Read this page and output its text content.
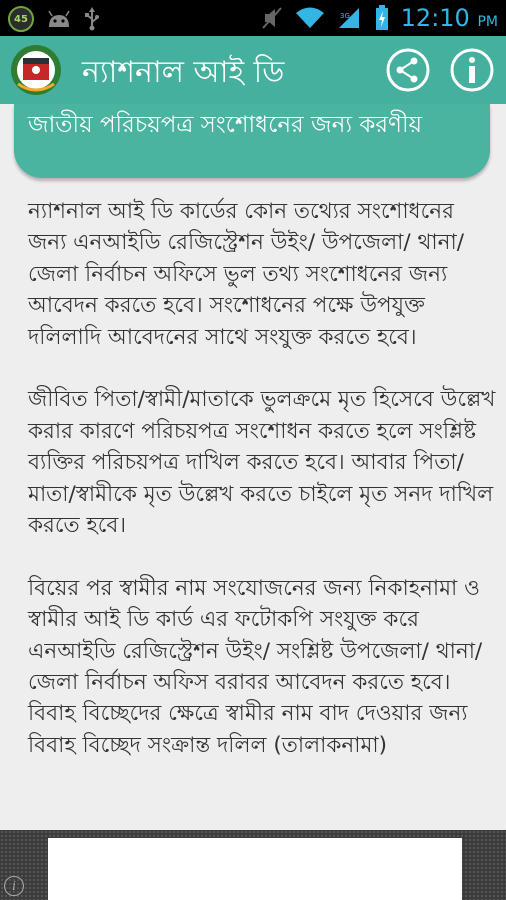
45	3G 12:10 PM
ন্যাশনাল আই ডি
জাতীয় পরিচয়পত্র সংশোধনের জন্য করণীয়

ন্যাশনাল আই ডি কার্ডের কোন তথ্যের সংশোধনের জন্য এনআইডি রেজিস্ট্রেশন উইং/ উপজেলা/ থানা/ জেলা নির্বাচন অফিসে ভুল তথ্য সংশোধনের জন্য আবেদন করতে হবে। সংশোধনের পক্ষে উপযুক্ত দলিলাদি আবেদনের সাথে সংযুক্ত করতে হবে।

জীবিত পিতা/স্বামী/মাতাকে ভুলক্রমে মৃত হিসেবে উল্লেখ করার কারণে পরিচয়পত্র সংশোধন করতে হলে সংশ্লিষ্ট ব্যক্তির পরিচয়পত্র দাখিল করতে হবে। আবার পিতা/মাতা/স্বামীকে মৃত উল্লেখ করতে চাইলে মৃত সনদ দাখিল করতে হবে।

বিয়ের পর স্বামীর নাম সংযোজনের জন্য নিকাহনামা ও স্বামীর আই ডি কার্ড এর ফটোকপি সংযুক্ত করে এনআইডি রেজিস্ট্রেশন উইং/ সংশ্লিষ্ট উপজেলা/ থানা/ জেলা নির্বাচন অফিস বরাবর আবেদন করতে হবে। বিবাহ বিচ্ছেদের ক্ষেত্রে স্বামীর নাম বাদ দেওয়ার জন্য বিবাহ বিচ্ছেদ সংক্রান্ত দলিল (তালাকনামা)

i
